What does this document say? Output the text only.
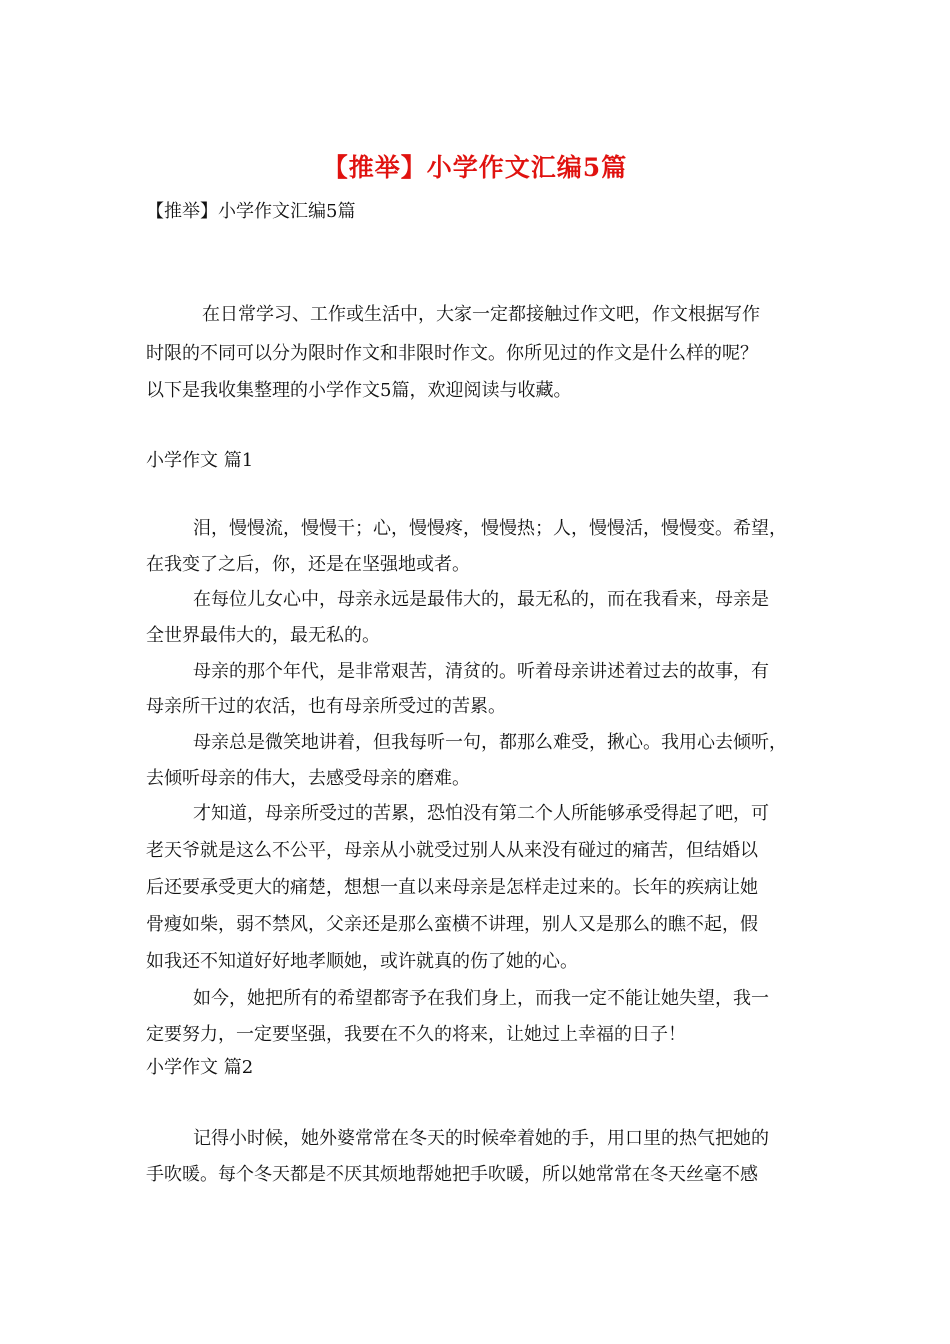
【推举】小学作文汇编5篇
【推举】小学作文汇编5篇
在日常学习、工作或生活中，大家一定都接触过作文吧，作文根据写作
时限的不同可以分为限时作文和非限时作文。你所见过的作文是什么样的呢？
以下是我收集整理的小学作文5篇，欢迎阅读与收藏。
小学作文 篇1
泪，慢慢流，慢慢干；心，慢慢疼，慢慢热；人，慢慢活，慢慢变。希望，
在我变了之后，你，还是在坚强地或者。
在每位儿女心中，母亲永远是最伟大的，最无私的，而在我看来，母亲是
全世界最伟大的，最无私的。
母亲的那个年代，是非常艰苦，清贫的。听着母亲讲述着过去的故事，有
母亲所干过的农活，也有母亲所受过的苦累。
母亲总是微笑地讲着，但我每听一句，都那么难受，揪心。我用心去倾听，
去倾听母亲的伟大，去感受母亲的磨难。
才知道，母亲所受过的苦累，恐怕没有第二个人所能够承受得起了吧，可
老天爷就是这么不公平，母亲从小就受过别人从来没有碰过的痛苦，但结婚以
后还要承受更大的痛楚，想想一直以来母亲是怎样走过来的。长年的疾病让她
骨瘦如柴，弱不禁风，父亲还是那么蛮横不讲理，别人又是那么的瞧不起，假
如我还不知道好好地孝顺她，或许就真的伤了她的心。
如今，她把所有的希望都寄予在我们身上，而我一定不能让她失望，我一
定要努力，一定要坚强，我要在不久的将来，让她过上幸福的日子！
小学作文 篇2
记得小时候，她外婆常常在冬天的时候牵着她的手，用口里的热气把她的
手吹暖。每个冬天都是不厌其烦地帮她把手吹暖，所以她常常在冬天丝毫不感
